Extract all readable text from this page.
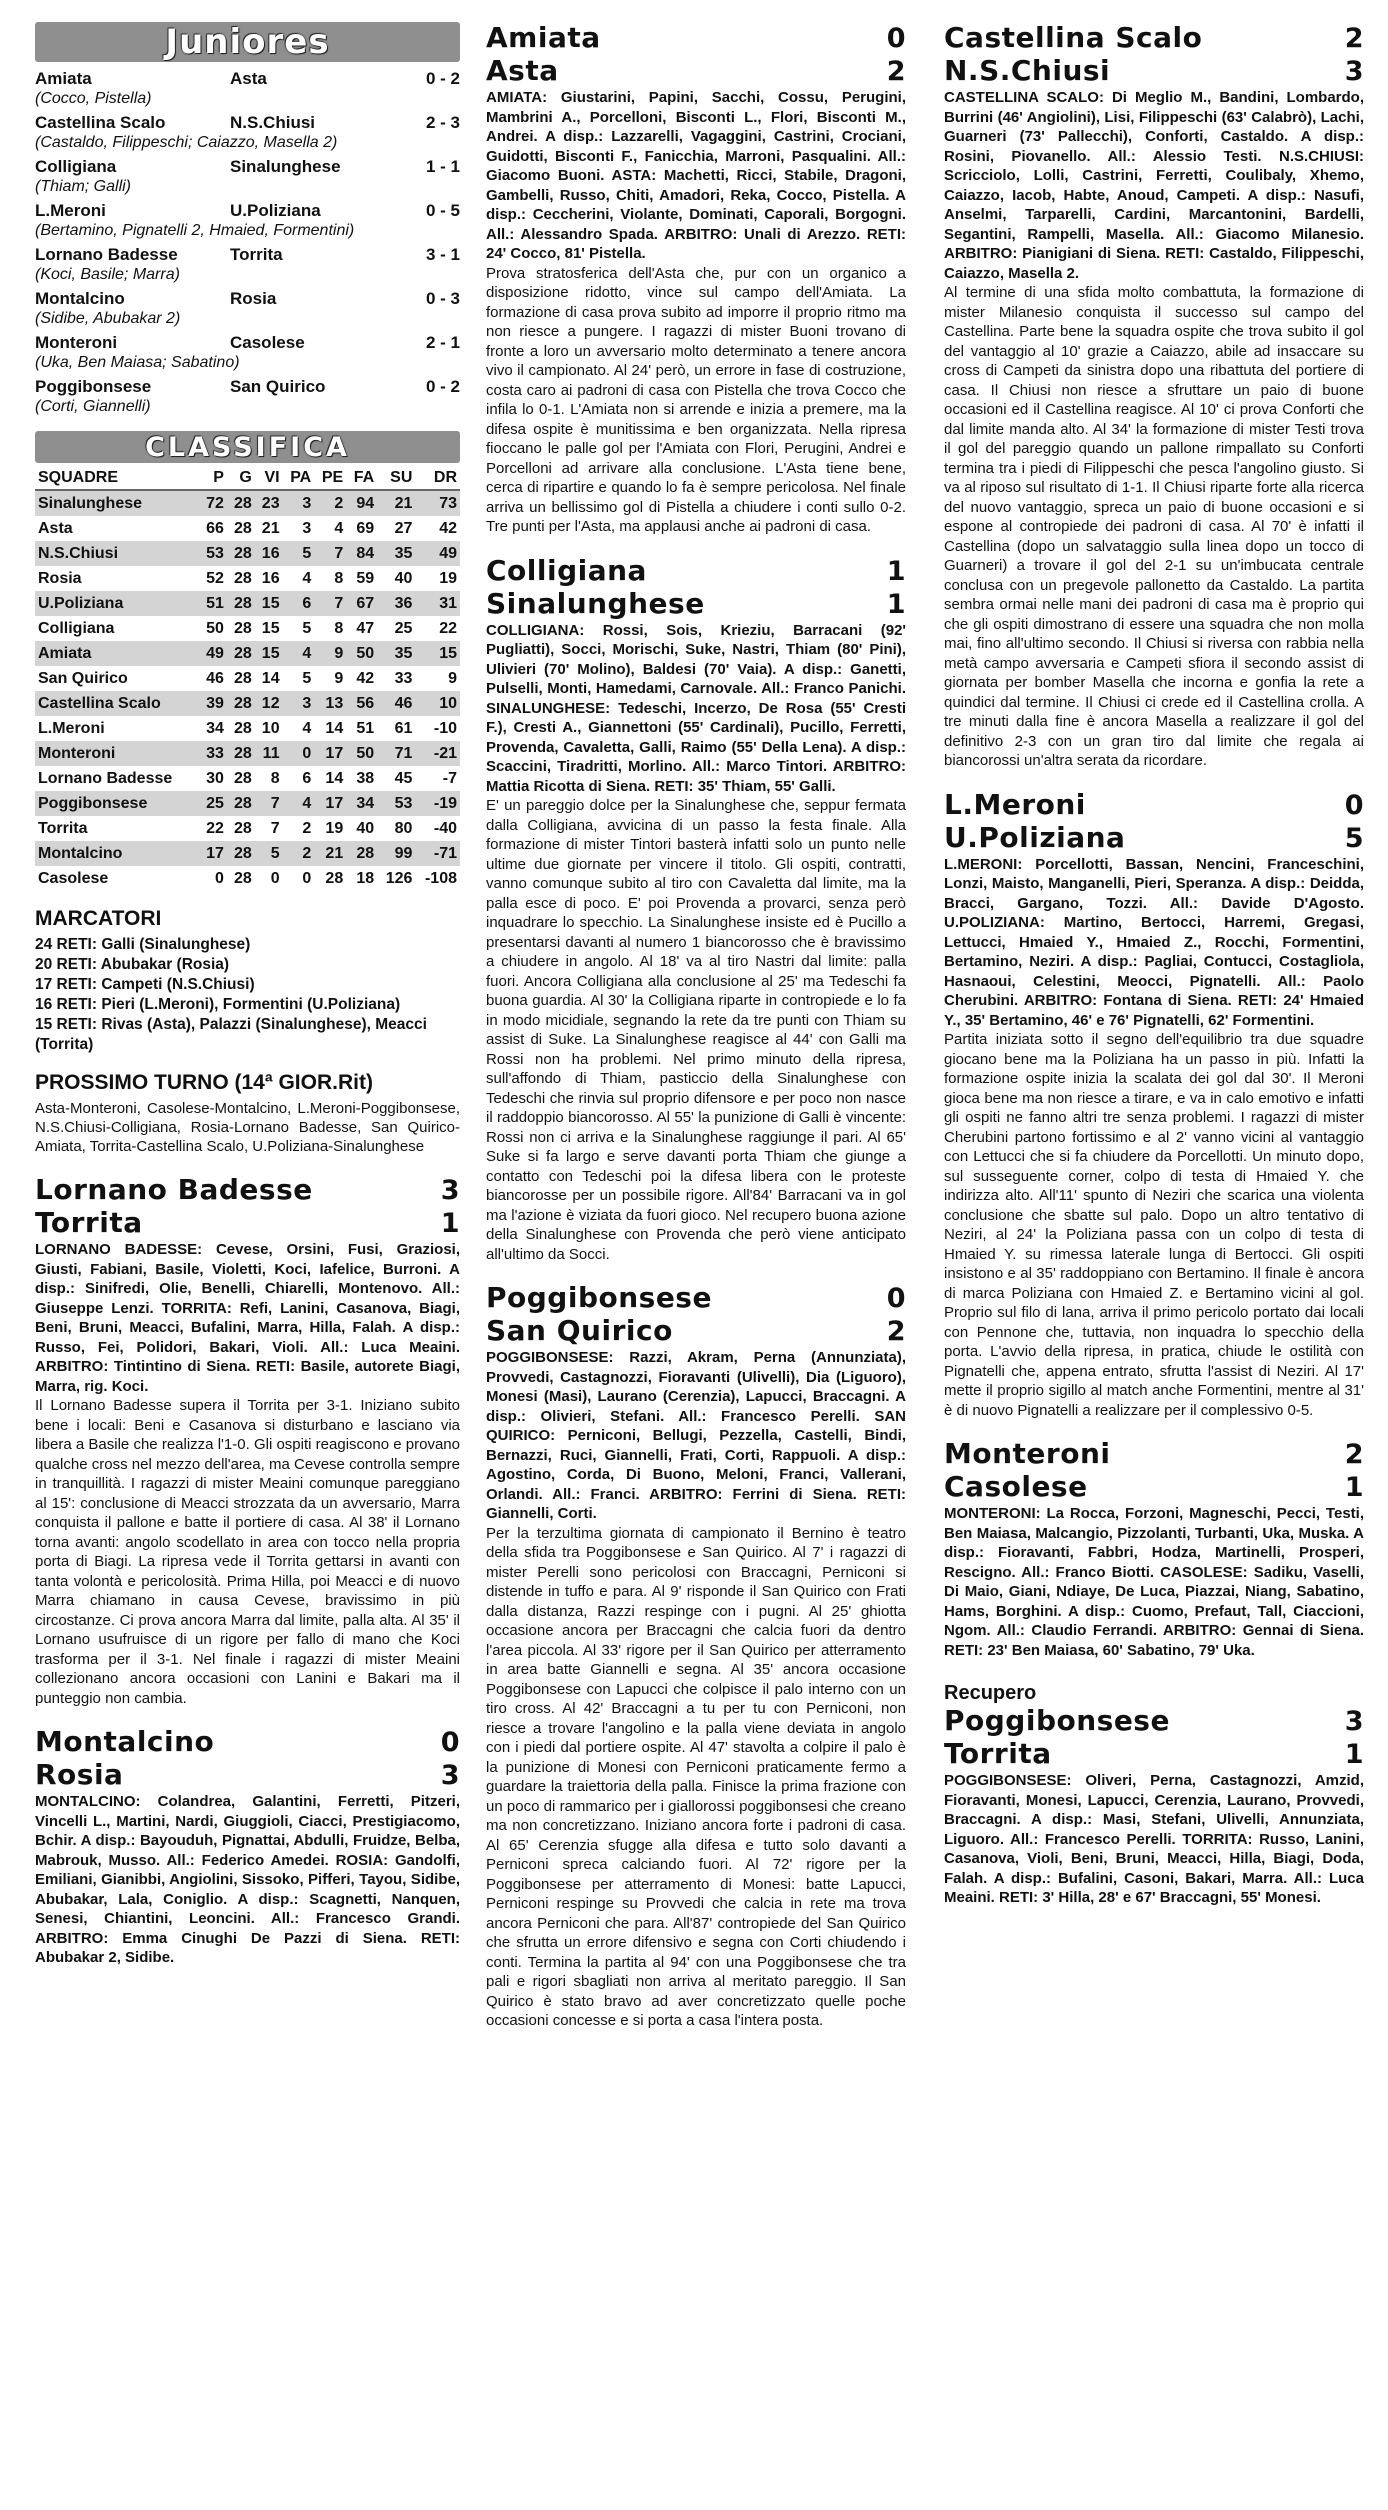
Juniores
Amiata	Asta	0 - 2
(Cocco, Pistella)
Castellina Scalo	N.S.Chiusi	2 - 3
(Castaldo, Filippeschi; Caiazzo, Masella 2)
Colligiana	Sinalunghese	1 - 1
(Thiam; Galli)
L.Meroni	U.Poliziana	0 - 5
(Bertamino, Pignatelli 2, Hmaied, Formentini)
Lornano Badesse	Torrita	3 - 1
(Koci, Basile; Marra)
Montalcino	Rosia	0 - 3
(Sidibe, Abubakar 2)
Monteroni	Casolese	2 - 1
(Uka, Ben Maiasa; Sabatino)
Poggibonsese	San Quirico	0 - 2
(Corti, Giannelli)
CLASSIFICA
SQUADRE	P	G	VI	PA	PE	FA	SU	DR
Sinalunghese	72	28	23	3	2	94	21	73
Asta	66	28	21	3	4	69	27	42
N.S.Chiusi	53	28	16	5	7	84	35	49
Rosia	52	28	16	4	8	59	40	19
U.Poliziana	51	28	15	6	7	67	36	31
Colligiana	50	28	15	5	8	47	25	22
Amiata	49	28	15	4	9	50	35	15
San Quirico	46	28	14	5	9	42	33	9
Castellina Scalo	39	28	12	3	13	56	46	10
L.Meroni	34	28	10	4	14	51	61	-10
Monteroni	33	28	11	0	17	50	71	-21
Lornano Badesse	30	28	8	6	14	38	45	-7
Poggibonsese	25	28	7	4	17	34	53	-19
Torrita	22	28	7	2	19	40	80	-40
Montalcino	17	28	5	2	21	28	99	-71
Casolese	0	28	0	0	28	18	126	-108
MARCATORI
24 RETI: Galli (Sinalunghese)
20 RETI: Abubakar (Rosia)
17 RETI: Campeti (N.S.Chiusi)
16 RETI: Pieri (L.Meroni), Formentini (U.Poliziana)
15 RETI: Rivas (Asta), Palazzi (Sinalunghese), Meacci (Torrita)
PROSSIMO TURNO (14ª GIOR.Rit)
Asta-Monteroni, Casolese-Montalcino, L.Meroni-Poggibonsese, N.S.Chiusi-Colligiana, Rosia-Lornano Badesse, San Quirico-Amiata, Torrita-Castellina Scalo, U.Poliziana-Sinalunghese
Lornano Badesse	3
Torrita	1
LORNANO BADESSE: Cevese, Orsini, Fusi, Graziosi, Giusti, Fabiani, Basile, Violetti, Koci, Iafelice, Burroni. A disp.: Sinifredi, Olie, Benelli, Chiarelli, Montenovo. All.: Giuseppe Lenzi. TORRITA: Refi, Lanini, Casanova, Biagi, Beni, Bruni, Meacci, Bufalini, Marra, Hilla, Falah. A disp.: Russo, Fei, Polidori, Bakari, Violi. All.: Luca Meaini. ARBITRO: Tintintino di Siena. RETI: Basile, autorete Biagi, Marra, rig. Koci.
Il Lornano Badesse supera il Torrita per 3-1. Iniziano subito bene i locali: Beni e Casanova si disturbano e lasciano via libera a Basile che realizza l'1-0. Gli ospiti reagiscono e provano qualche cross nel mezzo dell'area, ma Cevese controlla sempre in tranquillità. I ragazzi di mister Meaini comunque pareggiano al 15': conclusione di Meacci strozzata da un avversario, Marra conquista il pallone e batte il portiere di casa. Al 38' il Lornano torna avanti: angolo scodellato in area con tocco nella propria porta di Biagi. La ripresa vede il Torrita gettarsi in avanti con tanta volontà e pericolosità. Prima Hilla, poi Meacci e di nuovo Marra chiamano in causa Cevese, bravissimo in più circostanze. Ci prova ancora Marra dal limite, palla alta. Al 35' il Lornano usufruisce di un rigore per fallo di mano che Koci trasforma per il 3-1. Nel finale i ragazzi di mister Meaini collezionano ancora occasioni con Lanini e Bakari ma il punteggio non cambia.
Montalcino	0
Rosia	3
MONTALCINO: Colandrea, Galantini, Ferretti, Pitzeri, Vincelli L., Martini, Nardi, Giuggioli, Ciacci, Prestigiacomo, Bchir. A disp.: Bayouduh, Pignattai, Abdulli, Fruidze, Belba, Mabrouk, Musso. All.: Federico Amedei. ROSIA: Gandolfi, Emiliani, Gianibbi, Angiolini, Sissoko, Pifferi, Tayou, Sidibe, Abubakar, Lala, Coniglio. A disp.: Scagnetti, Nanquen, Senesi, Chiantini, Leoncini. All.: Francesco Grandi. ARBITRO: Emma Cinughi De Pazzi di Siena. RETI: Abubakar 2, Sidibe.
Amiata	0
Asta	2
AMIATA: Giustarini, Papini, Sacchi, Cossu, Perugini, Mambrini A., Porcelloni, Bisconti L., Flori, Bisconti M., Andrei. A disp.: Lazzarelli, Vagaggini, Castrini, Crociani, Guidotti, Bisconti F., Fanicchia, Marroni, Pasqualini. All.: Giacomo Buoni. ASTA: Machetti, Ricci, Stabile, Dragoni, Gambelli, Russo, Chiti, Amadori, Reka, Cocco, Pistella. A disp.: Ceccherini, Violante, Dominati, Caporali, Borgogni. All.: Alessandro Spada. ARBITRO: Unali di Arezzo. RETI: 24' Cocco, 81' Pistella.
Prova stratosferica dell'Asta che, pur con un organico a disposizione ridotto, vince sul campo dell'Amiata. La formazione di casa prova subito ad imporre il proprio ritmo ma non riesce a pungere. I ragazzi di mister Buoni trovano di fronte a loro un avversario molto determinato a tenere ancora vivo il campionato. Al 24' però, un errore in fase di costruzione, costa caro ai padroni di casa con Pistella che trova Cocco che infila lo 0-1. L'Amiata non si arrende e inizia a premere, ma la difesa ospite è munitissima e ben organizzata. Nella ripresa fioccano le palle gol per l'Amiata con Flori, Perugini, Andrei e Porcelloni ad arrivare alla conclusione. L'Asta tiene bene, cerca di ripartire e quando lo fa è sempre pericolosa. Nel finale arriva un bellissimo gol di Pistella a chiudere i conti sullo 0-2. Tre punti per l'Asta, ma applausi anche ai padroni di casa.
Colligiana	1
Sinalunghese	1
COLLIGIANA: Rossi, Sois, Krieziu, Barracani (92' Pugliatti), Socci, Morischi, Suke, Nastri, Thiam (80' Pini), Ulivieri (70' Molino), Baldesi (70' Vaia). A disp.: Ganetti, Pulselli, Monti, Hamedami, Carnovale. All.: Franco Panichi. SINALUNGHESE: Tedeschi, Incerzo, De Rosa (55' Cresti F.), Cresti A., Giannettoni (55' Cardinali), Pucillo, Ferretti, Provenda, Cavaletta, Galli, Raimo (55' Della Lena). A disp.: Scaccini, Tiradritti, Morlino. All.: Marco Tintori. ARBITRO: Mattia Ricotta di Siena. RETI: 35' Thiam, 55' Galli.
E' un pareggio dolce per la Sinalunghese che, seppur fermata dalla Colligiana, avvicina di un passo la festa finale. Alla formazione di mister Tintori basterà infatti solo un punto nelle ultime due giornate per vincere il titolo. Gli ospiti, contratti, vanno comunque subito al tiro con Cavaletta dal limite, ma la palla esce di poco. E' poi Provenda a provarci, senza però inquadrare lo specchio. La Sinalunghese insiste ed è Pucillo a presentarsi davanti al numero 1 biancorosso che è bravissimo a chiudere in angolo. Al 18' va al tiro Nastri dal limite: palla fuori. Ancora Colligiana alla conclusione al 25' ma Tedeschi fa buona guardia. Al 30' la Colligiana riparte in contropiede e lo fa in modo micidiale, segnando la rete da tre punti con Thiam su assist di Suke. La Sinalunghese reagisce al 44' con Galli ma Rossi non ha problemi. Nel primo minuto della ripresa, sull'affondo di Thiam, pasticcio della Sinalunghese con Tedeschi che rinvia sul proprio difensore e per poco non nasce il raddoppio biancorosso. Al 55' la punizione di Galli è vincente: Rossi non ci arriva e la Sinalunghese raggiunge il pari. Al 65' Suke si fa largo e serve davanti porta Thiam che giunge a contatto con Tedeschi poi la difesa libera con le proteste biancorosse per un possibile rigore. All'84' Barracani va in gol ma l'azione è viziata da fuori gioco. Nel recupero buona azione della Sinalunghese con Provenda che però viene anticipato all'ultimo da Socci.
Poggibonsese	0
San Quirico	2
POGGIBONSESE: Razzi, Akram, Perna (Annunziata), Provvedi, Castagnozzi, Fioravanti (Ulivelli), Dia (Liguoro), Monesi (Masi), Laurano (Cerenzia), Lapucci, Braccagni. A disp.: Olivieri, Stefani. All.: Francesco Perelli. SAN QUIRICO: Perniconi, Bellugi, Pezzella, Castelli, Bindi, Bernazzi, Ruci, Giannelli, Frati, Corti, Rappuoli. A disp.: Agostino, Corda, Di Buono, Meloni, Franci, Vallerani, Orlandi. All.: Franci. ARBITRO: Ferrini di Siena. RETI: Giannelli, Corti.
Per la terzultima giornata di campionato il Bernino è teatro della sfida tra Poggibonsese e San Quirico. Al 7' i ragazzi di mister Perelli sono pericolosi con Braccagni, Perniconi si distende in tuffo e para. Al 9' risponde il San Quirico con Frati dalla distanza, Razzi respinge con i pugni. Al 25' ghiotta occasione ancora per Braccagni che calcia fuori da dentro l'area piccola. Al 33' rigore per il San Quirico per atterramento in area batte Giannelli e segna. Al 35' ancora occasione Poggibonsese con Lapucci che colpisce il palo interno con un tiro cross. Al 42' Braccagni a tu per tu con Perniconi, non riesce a trovare l'angolino e la palla viene deviata in angolo con i piedi dal portiere ospite. Al 47' stavolta a colpire il palo è la punizione di Monesi con Perniconi praticamente fermo a guardare la traiettoria della palla. Finisce la prima frazione con un poco di rammarico per i giallorossi poggibonsesi che creano ma non concretizzano. Iniziano ancora forte i padroni di casa. Al 65' Cerenzia sfugge alla difesa e tutto solo davanti a Perniconi spreca calciando fuori. Al 72' rigore per la Poggibonsese per atterramento di Monesi: batte Lapucci, Perniconi respinge su Provvedi che calcia in rete ma trova ancora Perniconi che para. All'87' contropiede del San Quirico che sfrutta un errore difensivo e segna con Corti chiudendo i conti. Termina la partita al 94' con una Poggibonsese che tra pali e rigori sbagliati non arriva al meritato pareggio. Il San Quirico è stato bravo ad aver concretizzato quelle poche occasioni concesse e si porta a casa l'intera posta.
Castellina Scalo	2
N.S.Chiusi	3
CASTELLINA SCALO: Di Meglio M., Bandini, Lombardo, Burrini (46' Angiolini), Lisi, Filippeschi (63' Calabrò), Lachi, Guarneri (73' Pallecchi), Conforti, Castaldo. A disp.: Rosini, Piovanello. All.: Alessio Testi. N.S.CHIUSI: Scricciolo, Lolli, Castrini, Ferretti, Coulibaly, Xhemo, Caiazzo, Iacob, Habte, Anoud, Campeti. A disp.: Nasufi, Anselmi, Tarparelli, Cardini, Marcantonini, Bardelli, Segantini, Rampelli, Masella. All.: Giacomo Milanesio. ARBITRO: Pianigiani di Siena. RETI: Castaldo, Filippeschi, Caiazzo, Masella 2.
Al termine di una sfida molto combattuta, la formazione di mister Milanesio conquista il successo sul campo del Castellina. Parte bene la squadra ospite che trova subito il gol del vantaggio al 10' grazie a Caiazzo, abile ad insaccare su cross di Campeti da sinistra dopo una ribattuta del portiere di casa. Il Chiusi non riesce a sfruttare un paio di buone occasioni ed il Castellina reagisce. Al 10' ci prova Conforti che dal limite manda alto. Al 34' la formazione di mister Testi trova il gol del pareggio quando un pallone rimpallato su Conforti termina tra i piedi di Filippeschi che pesca l'angolino giusto. Si va al riposo sul risultato di 1-1. Il Chiusi riparte forte alla ricerca del nuovo vantaggio, spreca un paio di buone occasioni e si espone al contropiede dei padroni di casa. Al 70' è infatti il Castellina (dopo un salvataggio sulla linea dopo un tocco di Guarneri) a trovare il gol del 2-1 su un'imbucata centrale conclusa con un pregevole pallonetto da Castaldo. La partita sembra ormai nelle mani dei padroni di casa ma è proprio qui che gli ospiti dimostrano di essere una squadra che non molla mai, fino all'ultimo secondo. Il Chiusi si riversa con rabbia nella metà campo avversaria e Campeti sfiora il secondo assist di giornata per bomber Masella che incorna e gonfia la rete a quindici dal termine. Il Chiusi ci crede ed il Castellina crolla. A tre minuti dalla fine è ancora Masella a realizzare il gol del definitivo 2-3 con un gran tiro dal limite che regala ai biancorossi un'altra serata da ricordare.
L.Meroni	0
U.Poliziana	5
L.MERONI: Porcellotti, Bassan, Nencini, Franceschini, Lonzi, Maisto, Manganelli, Pieri, Speranza. A disp.: Deidda, Bracci, Gargano, Tozzi. All.: Davide D'Agosto. U.POLIZIANA: Martino, Bertocci, Harremi, Gregasi, Lettucci, Hmaied Y., Hmaied Z., Rocchi, Formentini, Bertamino, Neziri. A disp.: Pagliai, Contucci, Costagliola, Hasnaoui, Celestini, Meocci, Pignatelli. All.: Paolo Cherubini. ARBITRO: Fontana di Siena. RETI: 24' Hmaied Y., 35' Bertamino, 46' e 76' Pignatelli, 62' Formentini.
Partita iniziata sotto il segno dell'equilibrio tra due squadre giocano bene ma la Poliziana ha un passo in più. Infatti la formazione ospite inizia la scalata dei gol dal 30'. Il Meroni gioca bene ma non riesce a tirare, e va in calo emotivo e infatti gli ospiti ne fanno altri tre senza problemi. I ragazzi di mister Cherubini partono fortissimo e al 2' vanno vicini al vantaggio con Lettucci che si fa chiudere da Porcellotti. Un minuto dopo, sul susseguente corner, colpo di testa di Hmaied Y. che indirizza alto. All'11' spunto di Neziri che scarica una violenta conclusione che sbatte sul palo. Dopo un altro tentativo di Neziri, al 24' la Poliziana passa con un colpo di testa di Hmaied Y. su rimessa laterale lunga di Bertocci. Gli ospiti insistono e al 35' raddoppiano con Bertamino. Il finale è ancora di marca Poliziana con Hmaied Z. e Bertamino vicini al gol. Proprio sul filo di lana, arriva il primo pericolo portato dai locali con Pennone che, tuttavia, non inquadra lo specchio della porta. L'avvio della ripresa, in pratica, chiude le ostilità con Pignatelli che, appena entrato, sfrutta l'assist di Neziri. Al 17' mette il proprio sigillo al match anche Formentini, mentre al 31' è di nuovo Pignatelli a realizzare per il complessivo 0-5.
Monteroni	2
Casolese	1
MONTERONI: La Rocca, Forzoni, Magneschi, Pecci, Testi, Ben Maiasa, Malcangio, Pizzolanti, Turbanti, Uka, Muska. A disp.: Fioravanti, Fabbri, Hodza, Martinelli, Prosperi, Rescigno. All.: Franco Biotti. CASOLESE: Sadiku, Vaselli, Di Maio, Giani, Ndiaye, De Luca, Piazzai, Niang, Sabatino, Hams, Borghini. A disp.: Cuomo, Prefaut, Tall, Ciaccioni, Ngom. All.: Claudio Ferrandi. ARBITRO: Gennai di Siena. RETI: 23' Ben Maiasa, 60' Sabatino, 79' Uka.
Recupero
Poggibonsese	3
Torrita	1
POGGIBONSESE: Oliveri, Perna, Castagnozzi, Amzid, Fioravanti, Monesi, Lapucci, Cerenzia, Laurano, Provvedi, Braccagni. A disp.: Masi, Stefani, Ulivelli, Annunziata, Liguoro. All.: Francesco Perelli. TORRITA: Russo, Lanini, Casanova, Violi, Beni, Bruni, Meacci, Hilla, Biagi, Doda, Falah. A disp.: Bufalini, Casoni, Bakari, Marra. All.: Luca Meaini. RETI: 3' Hilla, 28' e 67' Braccagni, 55' Monesi.
